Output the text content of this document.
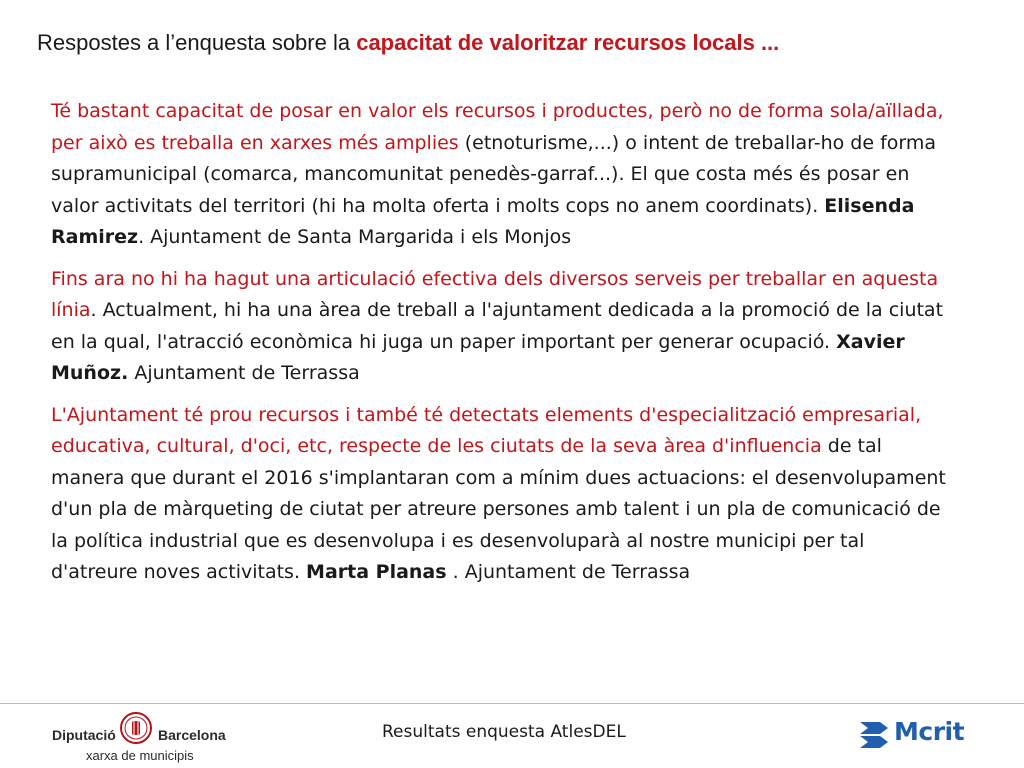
Respostes a l’enquesta sobre la capacitat de valoritzar recursos locals ...

Té bastant capacitat de posar en valor els recursos i productes, però no de forma sola/aïllada, per això es treballa en xarxes més amplies (etnoturisme,...) o intent de treballar-ho de forma supramunicipal (comarca, mancomunitat penedès-garraf...). El que costa més és posar en valor activitats del territori (hi ha molta oferta i molts cops no anem coordinats). Elisenda Ramirez. Ajuntament de Santa Margarida i els Monjos

Fins ara no hi ha hagut una articulació efectiva dels diversos serveis per treballar en aquesta línia. Actualment, hi ha una àrea de treball a l'ajuntament dedicada a la promoció de la ciutat en la qual, l'atracció econòmica hi juga un paper important per generar ocupació. Xavier Muñoz. Ajuntament de Terrassa

L'Ajuntament té prou recursos i també té detectats elements d'especialització empresarial, educativa, cultural, d'oci, etc, respecte de les ciutats de la seva àrea d'influencia de tal manera que durant el 2016 s'implantaran com a mínim dues actuacions: el desenvolupament d'un pla de màrqueting de ciutat per atreure persones amb talent i un pla de comunicació de la política industrial que es desenvolupa i es desenvoluparà al nostre municipi per tal d'atreure noves activitats. Marta Planas . Ajuntament de Terrassa

Diputació	Barcelona
xarxa de municipis
Resultats enquesta AtlesDEL	Mcrit
